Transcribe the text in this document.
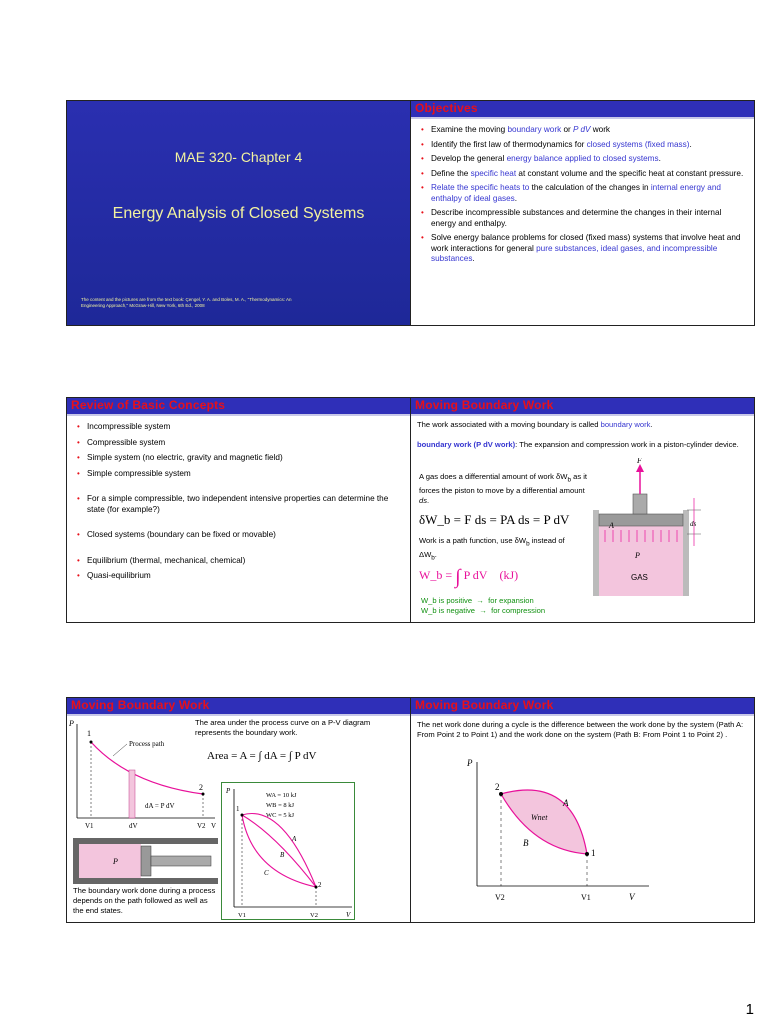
MAE 320- Chapter 4
Energy Analysis of Closed Systems
The content and the pictures are from the text book: Çengel, Y. A. and Boles, M. A., "Thermodynamics: An Engineering Approach," McGraw-Hill, New York, 6th Ed., 2008
Objectives
• Examine the moving boundary work or P dV work
• Identify the first law of thermodynamics for closed systems (fixed mass).
• Develop the general energy balance applied to closed systems.
• Define the specific heat at constant volume and the specific heat at constant pressure.
• Relate the specific heats to the calculation of the changes in internal energy and enthalpy of ideal gases.
• Describe incompressible substances and determine the changes in their internal energy and enthalpy.
• Solve energy balance problems for closed (fixed mass) systems that involve heat and work interactions for general pure substances, ideal gases, and incompressible substances.
Review of Basic Concepts
• Incompressible system
• Compressible system
• Simple system (no electric, gravity and magnetic field)
• Simple compressible system
• For a simple compressible, two independent intensive properties can determine the state (for example?)
• Closed systems (boundary can be fixed or movable)
• Equilibrium (thermal, mechanical, chemical)
• Quasi-equilibrium
Moving Boundary Work
The work associated with a moving boundary is called boundary work.
boundary work (P dV work): The expansion and compression work in a piston-cylinder device.
A gas does a differential amount of work $\delta W_b$ as it forces the piston to move by a differential amount ds.
δW_b = F ds = PA ds = P dV
Work is a path function, use $\delta W_b$ instead of $\Delta W_b$.
W_b = ∫ P dV (kJ)
W_b is positive  →  for expansion
W_b is negative  →  for compression
F
ds
A
P
GAS
Moving Boundary Work
The area under the process curve on a P-V diagram represents the boundary work.
Area = A = ∫ dA = ∫ P dV
P
1
2
Process path
dA = P dV
V1	V2 V
dV
P
The boundary work done during a process depends on the path followed as well as the end states.
P
V
1
2
WA = 10 kJ
WB = 8 kJ
WC = 5 kJ
A
B
C
V1	V2
Moving Boundary Work
The net work done during a cycle is the difference between the work done by the system (Path A: From Point 2 to Point 1) and the work done on the system (Path B: From Point 1 to Point 2) .
P
V
2
1
A
B
Wnet
V2	V1
1
